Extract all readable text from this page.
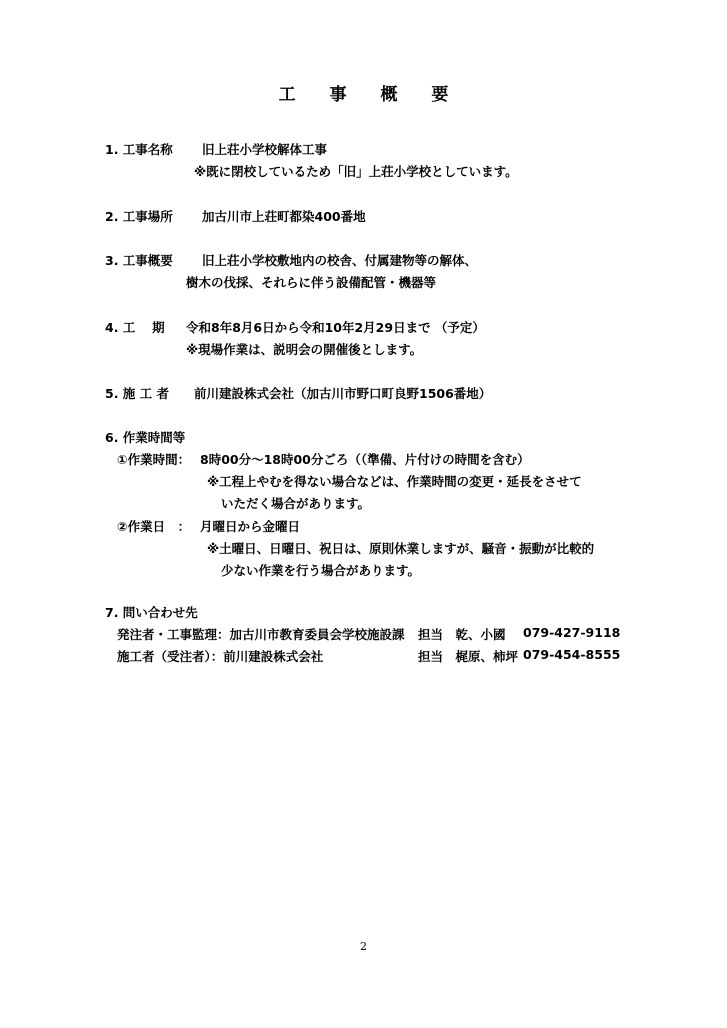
工 事 概 要
1. 工事名称 旧上荘小学校解体工事
※既に閉校しているため「旧」上荘小学校としています。
2. 工事場所 加古川市上荘町都染400番地
3. 工事概要 旧上荘小学校敷地内の校舎、付属建物等の解体、
樹木の伐採、それらに伴う設備配管・機器等
4. 工　 期 令和8年8月6日から令和10年2月29日まで （予定）
※現場作業は、説明会の開催後とします。
5. 施 工 者 前川建設株式会社（加古川市野口町良野1506番地）
6. 作業時間等
①作業時間： 8時00分～18時00分ごろ（（準備、片付けの時間を含む）
※工程上やむを得ない場合などは、作業時間の変更・延長をさせて
いただく場合があります。
②作業日　： 月曜日から金曜日
※土曜日、日曜日、祝日は、原則休業しますが、騒音・振動が比較的
少ない作業を行う場合があります。
7. 問い合わせ先
発注者・工事監理：加古川市教育委員会学校施設課 担当　乾、小國 079-427-9118
施工者（受注者）：前川建設株式会社	担当　梶原、柿坪 079-454-8555
2
